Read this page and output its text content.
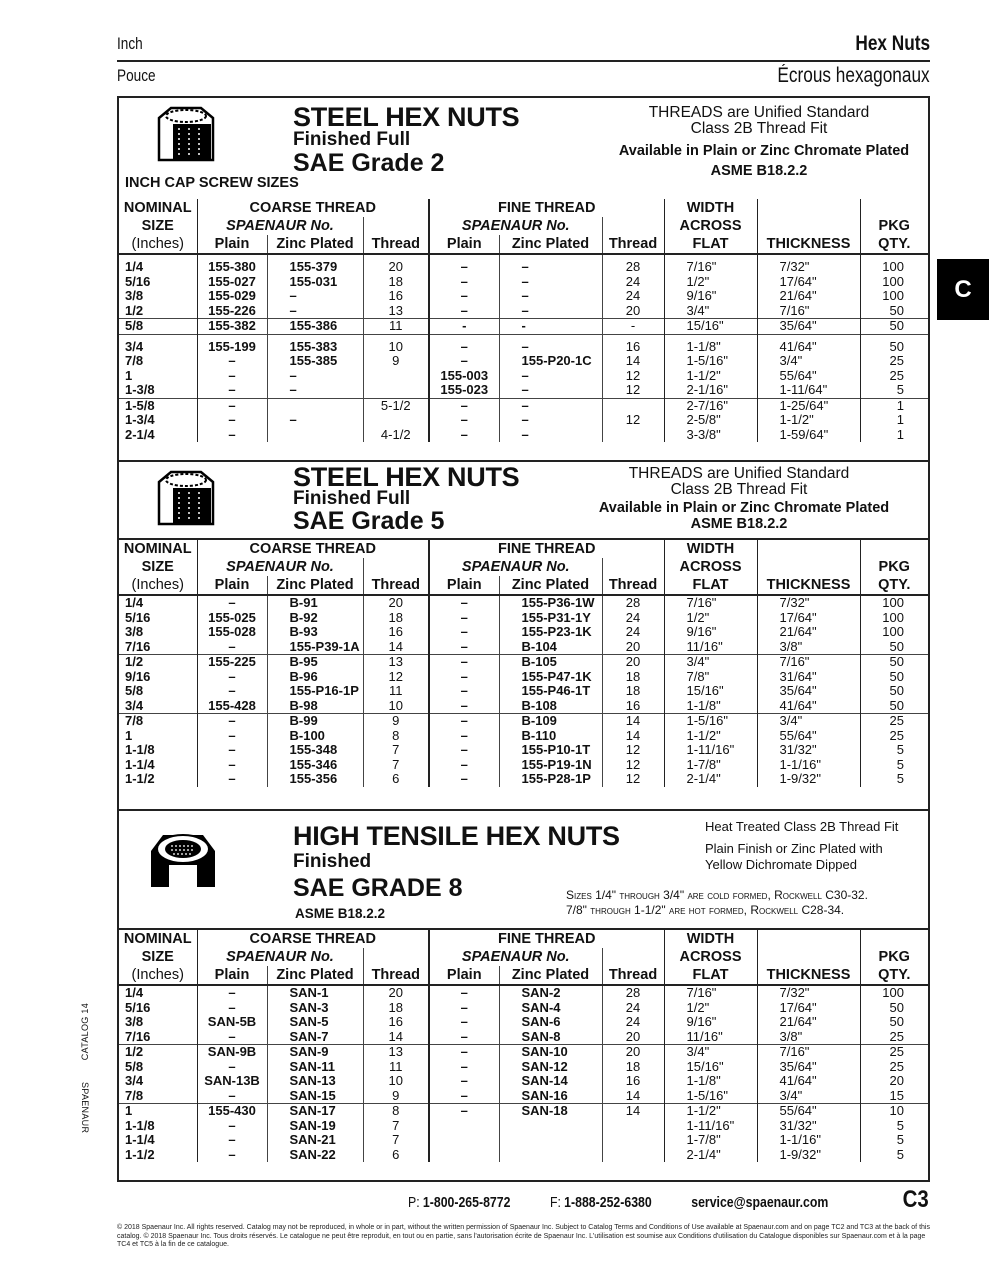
Inch	Hex Nuts
Pouce	Écrous hexagonaux
C
CATALOG 14
SPAENAUR
STEEL HEX NUTS
Finished Full
SAE Grade 2
INCH CAP SCREW SIZES
THREADS are Unified Standard
Class 2B Thread Fit
Available in Plain or Zinc Chromate Plated
ASME B18.2.2
NOMINAL	COARSE THREAD			FINE THREAD			WIDTH		
SIZE	SPAENAUR No.			SPAENAUR No.			ACROSS		PKG
QTY.
(Inches)	Plain	Zinc Plated	Thread	Plain	Zinc Plated	Thread	FLAT	THICKNESS	
1/4	155-380	155-379	20	–	–	28	7/16"	7/32"	100
5/16	155-027	155-031	18	–	–	24	1/2"	17/64"	100
3/8	155-029	–	16	–	–	24	9/16"	21/64"	100
1/2	155-226	–	13	–	–	20	3/4"	7/16"	50
5/8	155-382	155-386	11	-	-	-	15/16"	35/64"	50
3/4	155-199	155-383	10	–	–	16	1-1/8"	41/64"	50
7/8	–	155-385	9	–	155-P20-1C	14	1-5/16"	3/4"	25
1	–	–		155-003	–	12	1-1/2"	55/64"	25
1-3/8	–	–		155-023	–	12	2-1/16"	1-11/64"	5
1-5/8	–		5-1/2	–	–		2-7/16"	1-25/64"	1
1-3/4	–	–		–	–	12	2-5/8"	1-1/2"	1
2-1/4	–		4-1/2	–	–		3-3/8"	1-59/64"	1
STEEL HEX NUTS
Finished Full
SAE Grade 5
THREADS are Unified Standard
Class 2B Thread Fit
Available in Plain or Zinc Chromate Plated
ASME B18.2.2
NOMINAL	COARSE THREAD			FINE THREAD			WIDTH		
SIZE	SPAENAUR No.			SPAENAUR No.			ACROSS		PKG
QTY.
(Inches)	Plain	Zinc Plated	Thread	Plain	Zinc Plated	Thread	FLAT	THICKNESS	
1/4	–	B-91	20	–	155-P36-1W	28	7/16"	7/32"	100
5/16	155-025	B-92	18	–	155-P31-1Y	24	1/2"	17/64"	100
3/8	155-028	B-93	16	–	155-P23-1K	24	9/16"	21/64"	100
7/16	–	155-P39-1A	14	–	B-104	20	11/16"	3/8"	50
1/2	155-225	B-95	13	–	B-105	20	3/4"	7/16"	50
9/16	–	B-96	12	–	155-P47-1K	18	7/8"	31/64"	50
5/8	–	155-P16-1P	11	–	155-P46-1T	18	15/16"	35/64"	50
3/4	155-428	B-98	10	–	B-108	16	1-1/8"	41/64"	50
7/8	–	B-99	9	–	B-109	14	1-5/16"	3/4"	25
1	–	B-100	8	–	B-110	14	1-1/2"	55/64"	25
1-1/8	–	155-348	7	–	155-P10-1T	12	1-11/16"	31/32"	5
1-1/4	–	155-346	7	–	155-P19-1N	12	1-7/8"	1-1/16"	5
1-1/2	–	155-356	6	–	155-P28-1P	12	2-1/4"	1-9/32"	5
HIGH TENSILE HEX NUTS
Finished
SAE GRADE 8
ASME B18.2.2
Heat Treated Class 2B Thread Fit
Plain Finish or Zinc Plated with
Yellow Dichromate Dipped
Sizes 1/4" through 3/4" are cold formed, Rockwell C30-32.
7/8" through 1-1/2" are hot formed, Rockwell C28-34.
NOMINAL	COARSE THREAD			FINE THREAD			WIDTH		
SIZE	SPAENAUR No.			SPAENAUR No.			ACROSS		PKG
QTY.
(Inches)	Plain	Zinc Plated	Thread	Plain	Zinc Plated	Thread	FLAT	THICKNESS	
1/4	–	SAN-1	20	–	SAN-2	28	7/16"	7/32"	100
5/16	–	SAN-3	18	–	SAN-4	24	1/2"	17/64"	50
3/8	SAN-5B	SAN-5	16	–	SAN-6	24	9/16"	21/64"	50
7/16	–	SAN-7	14	–	SAN-8	20	11/16"	3/8"	25
1/2	SAN-9B	SAN-9	13	–	SAN-10	20	3/4"	7/16"	25
5/8	–	SAN-11	11	–	SAN-12	18	15/16"	35/64"	25
3/4	SAN-13B	SAN-13	10	–	SAN-14	16	1-1/8"	41/64"	20
7/8	–	SAN-15	9	–	SAN-16	14	1-5/16"	3/4"	15
1	155-430	SAN-17	8	–	SAN-18	14	1-1/2"	55/64"	10
1-1/8	–	SAN-19	7				1-11/16"	31/32"	5
1-1/4	–	SAN-21	7				1-7/8"	1-1/16"	5
1-1/2	–	SAN-22	6				2-1/4"	1-9/32"	5
P: 1-800-265-8772	F: 1-888-252-6380	service@spaenaur.com	C3
© 2018 Spaenaur Inc. All rights reserved. Catalog may not be reproduced, in whole or in part, without the written permission of Spaenaur Inc. Subject to Catalog Terms and Conditions of Use available at Spaenaur.com and on page TC2 and TC3 at the back of this catalog. © 2018 Spaenaur Inc. Tous droits réservés. Le catalogue ne peut être reproduit, en tout ou en partie, sans l'autorisation écrite de Spaenaur Inc. L'utilisation est soumise aux Conditions d'utilisation du Catalogue disponibles sur Spaenaur.com et à la page TC4 et TC5 à la fin de ce catalogue.
